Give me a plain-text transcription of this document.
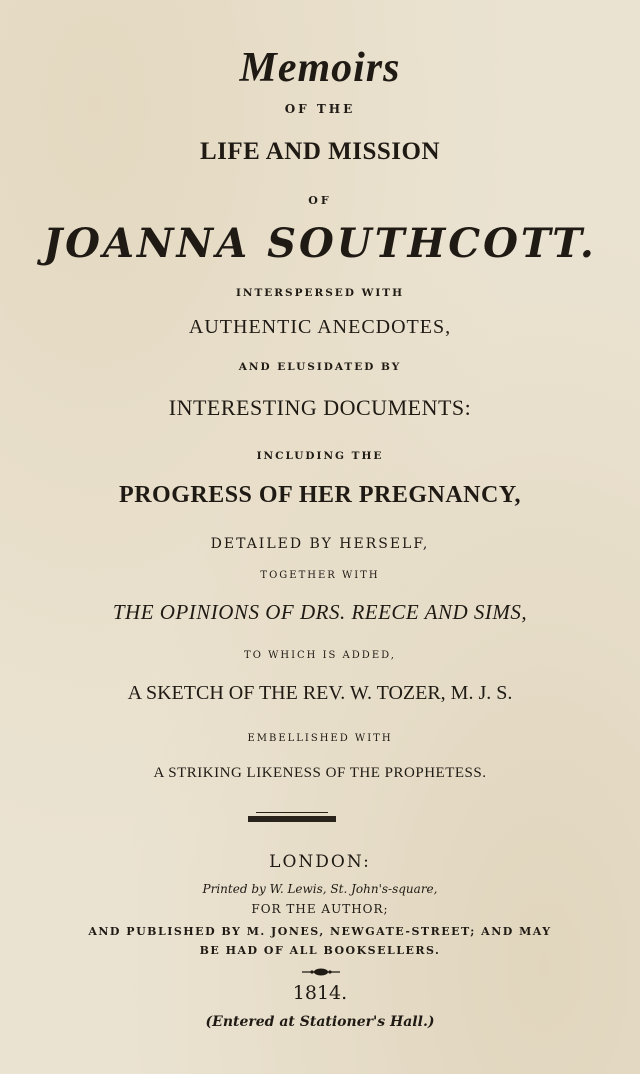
Memoirs
OF THE
LIFE AND MISSION
OF
JOANNA SOUTHCOTT.
INTERSPERSED WITH
AUTHENTIC ANECDOTES,
AND ELUSIDATED BY
INTERESTING DOCUMENTS:
INCLUDING THE
PROGRESS OF HER PREGNANCY,
DETAILED BY HERSELF,
TOGETHER WITH
THE OPINIONS OF DRS. REECE AND SIMS,
TO WHICH IS ADDED,
A SKETCH OF THE REV. W. TOZER, M. J. S.
EMBELLISHED WITH
A STRIKING LIKENESS OF THE PROPHETESS.
LONDON:
Printed by W. Lewis, St. John's-square,
FOR THE AUTHOR;
AND PUBLISHED BY M. JONES, NEWGATE-STREET; AND MAY
BE HAD OF ALL BOOKSELLERS.
1814.
(Entered at Stationer's Hall.)
